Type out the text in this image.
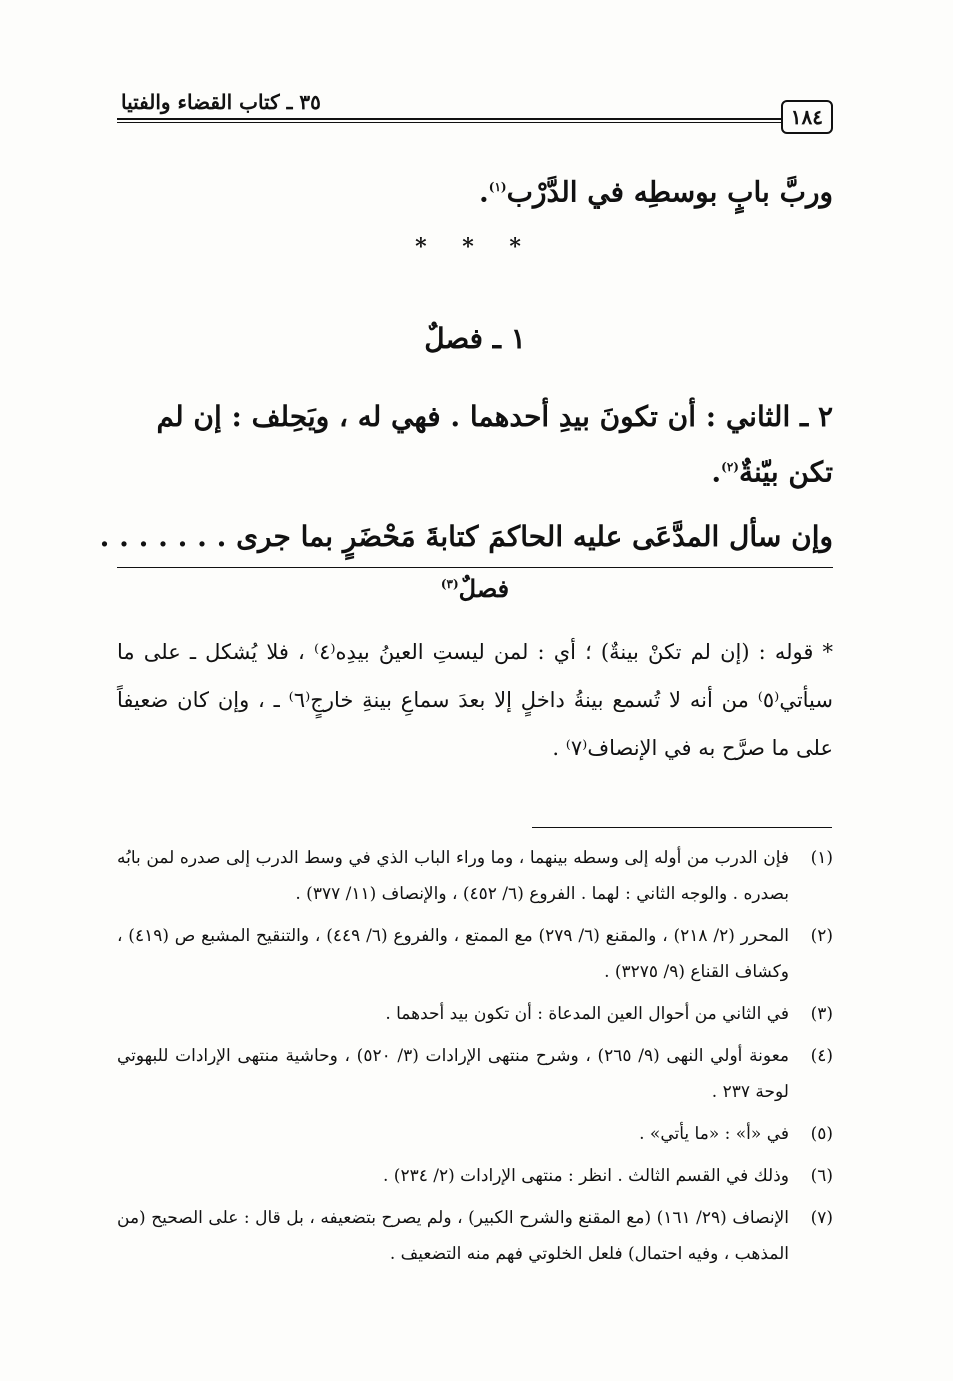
١٨٤
٣٥ ـ كتاب القضاء والفتيا
وربَّ بابٍ بوسطِه في الدَّرْب$^{(١)}$.
* * *
١ ـ فصلٌ
٢ ـ الثاني : أن تكونَ بيدِ أحدهما . فهي له ، ويَحِلف : إن لم تكن بيّنةٌ$^{(٢)}$.
وإن سأل المدَّعَى عليه الحاكمَ كتابةَ مَحْضَرٍ بما جرى . . . . . . .
فصلٌ$^{(٣)}$
* قوله : (إن لم تكنْ بينةٌ) ؛ أي : لمن ليستِ العينُ بيدِه⁽٤⁾ ، فلا يُشكل ـ على ما سيأتي⁽٥⁾ من أنه لا تُسمع بينةُ داخلٍ إلا بعدَ سماعِ بينةِ خارجٍ⁽٦⁾ ـ ، وإن كان ضعيفاً على ما صرَّح به في الإنصاف⁽٧⁾ .
(١)
فإن الدرب من أوله إلى وسطه بينهما ، وما وراء الباب الذي في وسط الدرب إلى صدره لمن بابُه بصدره . والوجه الثاني : لهما . الفروع (٦/ ٤٥٢) ، والإنصاف (١١/ ٣٧٧) .
(٢)
المحرر (٢/ ٢١٨) ، والمقنع (٦/ ٢٧٩) مع الممتع ، والفروع (٦/ ٤٤٩) ، والتنقيح المشبع ص (٤١٩) ، وكشاف القناع (٩/ ٣٢٧٥) .
(٣)
في الثاني من أحوال العين المدعاة : أن تكون بيد أحدهما .
(٤)
معونة أولي النهى (٩/ ٢٦٥) ، وشرح منتهى الإرادات (٣/ ٥٢٠) ، وحاشية منتهى الإرادات للبهوتي لوحة ٢٣٧ .
(٥)
في «أ» : «ما يأتي» .
(٦)
وذلك في القسم الثالث . انظر : منتهى الإرادات (٢/ ٢٣٤) .
(٧)
الإنصاف (٢٩/ ١٦١) (مع المقنع والشرح الكبير) ، ولم يصرح بتضعيفه ، بل قال : على الصحيح (من المذهب ، وفيه احتمال) فلعل الخلوتي فهم منه التضعيف .
